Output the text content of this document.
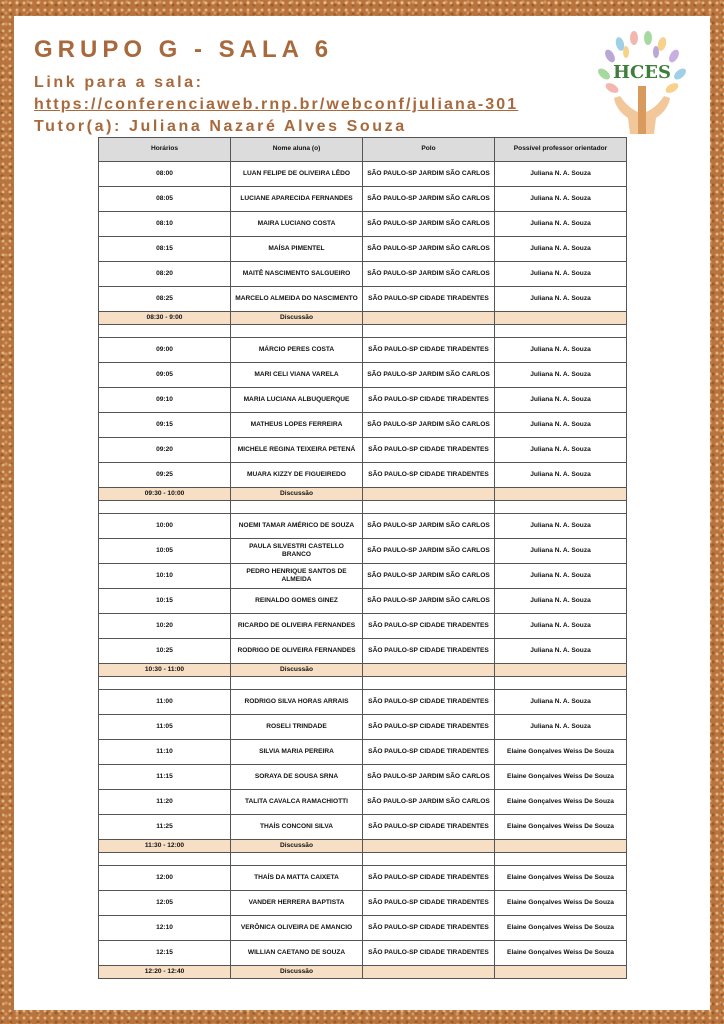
GRUPO G - SALA 6
Link para a sala:
https://conferenciaweb.rnp.br/webconf/juliana-301
Tutor(a): Juliana Nazaré Alves Souza
HCES
Horários	Nome aluna (o)	Polo	Possível professor orientador
08:00	LUAN FELIPE DE OLIVEIRA LÊDO	SÃO PAULO-SP JARDIM SÃO CARLOS	Juliana N. A. Souza
08:05	LUCIANE APARECIDA FERNANDES	SÃO PAULO-SP JARDIM SÃO CARLOS	Juliana N. A. Souza
08:10	MAIRA LUCIANO COSTA	SÃO PAULO-SP JARDIM SÃO CARLOS	Juliana N. A. Souza
08:15	MAÍSA PIMENTEL	SÃO PAULO-SP JARDIM SÃO CARLOS	Juliana N. A. Souza
08:20	MAITÊ NASCIMENTO SALGUEIRO	SÃO PAULO-SP JARDIM SÃO CARLOS	Juliana N. A. Souza
08:25	MARCELO ALMEIDA DO NASCIMENTO	SÃO PAULO-SP CIDADE TIRADENTES	Juliana N. A. Souza
08:30 - 9:00	Discussão		

09:00	MÁRCIO PERES COSTA	SÃO PAULO-SP CIDADE TIRADENTES	Juliana N. A. Souza
09:05	MARI CELI VIANA VARELA	SÃO PAULO-SP JARDIM SÃO CARLOS	Juliana N. A. Souza
09:10	MARIA LUCIANA ALBUQUERQUE	SÃO PAULO-SP CIDADE TIRADENTES	Juliana N. A. Souza
09:15	MATHEUS LOPES FERREIRA	SÃO PAULO-SP JARDIM SÃO CARLOS	Juliana N. A. Souza
09:20	MICHELE REGINA TEIXEIRA PETENÁ	SÃO PAULO-SP CIDADE TIRADENTES	Juliana N. A. Souza
09:25	MUARA KIZZY DE FIGUEIREDO	SÃO PAULO-SP CIDADE TIRADENTES	Juliana N. A. Souza
09:30 - 10:00	Discussão		

10:00	NOEMI TAMAR AMÉRICO DE SOUZA	SÃO PAULO-SP JARDIM SÃO CARLOS	Juliana N. A. Souza
10:05	PAULA SILVESTRI CASTELLO BRANCO	SÃO PAULO-SP JARDIM SÃO CARLOS	Juliana N. A. Souza
10:10	PEDRO HENRIQUE SANTOS DE ALMEIDA	SÃO PAULO-SP JARDIM SÃO CARLOS	Juliana N. A. Souza
10:15	REINALDO GOMES GINEZ	SÃO PAULO-SP JARDIM SÃO CARLOS	Juliana N. A. Souza
10:20	RICARDO DE OLIVEIRA FERNANDES	SÃO PAULO-SP CIDADE TIRADENTES	Juliana N. A. Souza
10:25	RODRIGO DE OLIVEIRA FERNANDES	SÃO PAULO-SP CIDADE TIRADENTES	Juliana N. A. Souza
10:30 - 11:00	Discussão		

11:00	RODRIGO SILVA HORAS ARRAIS	SÃO PAULO-SP CIDADE TIRADENTES	Juliana N. A. Souza
11:05	ROSELI TRINDADE	SÃO PAULO-SP CIDADE TIRADENTES	Juliana N. A. Souza
11:10	SILVIA MARIA PEREIRA	SÃO PAULO-SP CIDADE TIRADENTES	Elaine Gonçalves Weiss De Souza
11:15	SORAYA DE SOUSA SRNA	SÃO PAULO-SP JARDIM SÃO CARLOS	Elaine Gonçalves Weiss De Souza
11:20	TALITA CAVALCA RAMACHIOTTI	SÃO PAULO-SP JARDIM SÃO CARLOS	Elaine Gonçalves Weiss De Souza
11:25	THAÍS CONCONI SILVA	SÃO PAULO-SP CIDADE TIRADENTES	Elaine Gonçalves Weiss De Souza
11:30 - 12:00	Discussão		

12:00	THAÍS DA MATTA CAIXETA	SÃO PAULO-SP CIDADE TIRADENTES	Elaine Gonçalves Weiss De Souza
12:05	VANDER HERRERA BAPTISTA	SÃO PAULO-SP CIDADE TIRADENTES	Elaine Gonçalves Weiss De Souza
12:10	VERÔNICA OLIVEIRA DE AMANCIO	SÃO PAULO-SP CIDADE TIRADENTES	Elaine Gonçalves Weiss De Souza
12:15	WILLIAN CAETANO DE SOUZA	SÃO PAULO-SP CIDADE TIRADENTES	Elaine Gonçalves Weiss De Souza
12:20 - 12:40	Discussão		
